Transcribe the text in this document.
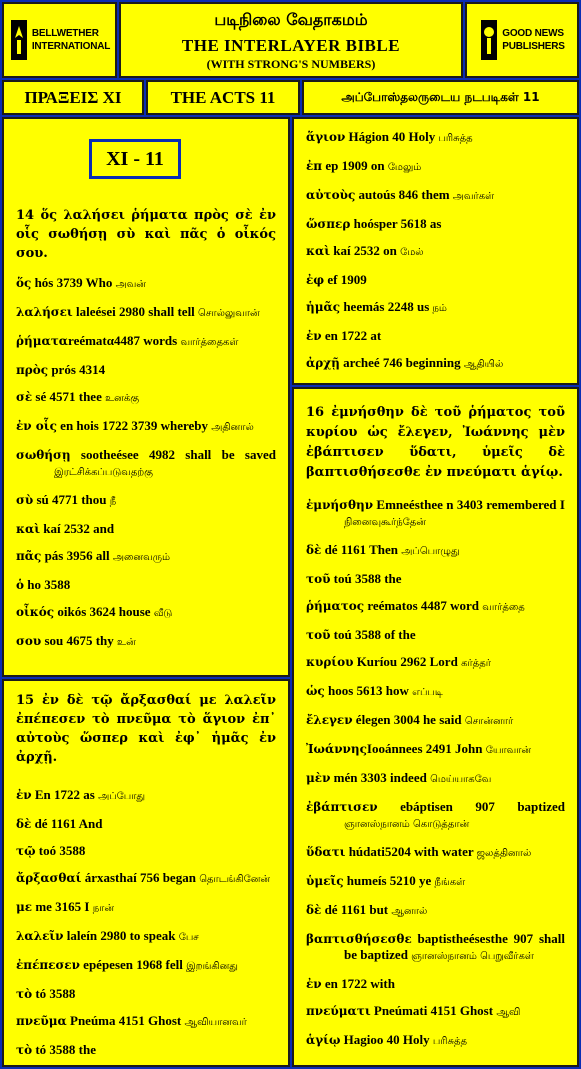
BELLWETHER
INTERNATIONAL
படிநிலை வேதாகமம்
THE INTERLAYER BIBLE
(WITH STRONG'S NUMBERS)
GOOD NEWS
PUBLISHERS
ΠΡΑΞΕΙΣ XI	THE ACTS 11	அப்போஸ்தலருடைய நடபடிகள் 11
XI - 11

14 ὅς λαλήσει ῥήματα πρὸς σὲ ἐν οἷς σωθήσῃ σὺ καὶ πᾶς ὁ οἶκός σου.

ὅς hós 3739 Who அவன்
λαλήσει laleései 2980 shall tell சொல்லுவான்
ῥήματαreématα4487 words வார்த்தைகள்
πρὸς prós 4314
σὲ sé 4571 thee உனக்கு
ἐν οἷς en hois 1722 3739 whereby அதினால்
σωθήσῃ sootheésee 4982 shall be saved இரட்சிக்கப்படுவதற்கு
σὺ sú 4771 thou நீ
καὶ kaí 2532 and
πᾶς pás 3956 all அனைவரும்
ὁ ho 3588
οἶκός oikós 3624 house வீடு
σου sou 4675 thy உன்

15 ἐν δὲ τῷ ἄρξασθαί με λαλεῖν ἐπέπεσεν τὸ πνεῦμα τὸ ἅγιον ἐπ᾽ αὐτοὺς ὥσπερ καὶ ἐφ᾽ ἡμᾶς ἐν ἀρχῇ.

ἐν En 1722 as அப்போது
δὲ dé 1161 And
τῷ toó 3588
ἄρξασθαί árxasthaí 756 began தொடங்கினேன்
με me 3165 I நான்
λαλεῖν laleín 2980 to speak பேச
ἐπέπεσεν epépesen 1968 fell இறங்கினது
τὸ tó 3588
πνεῦμα Pneúma 4151 Ghost ஆவியானவர்
τὸ tó 3588 the
ἅγιον Hágion 40 Holy பரிசுத்த
ἐπ ep 1909 on மேலும்
αὐτοὺς autoús 846 them அவர்கள்
ὥσπερ hoósper 5618 as
καὶ kaí 2532 on மேல்
ἐφ ef 1909
ἡμᾶς heemás 2248 us நம்
ἐν en 1722 at
ἀρχῇ archeé 746 beginning ஆதியில்

16 ἐμνήσθην δὲ τοῦ ῥήματος τοῦ κυρίου ὡς ἔλεγεν, Ἰωάννης μὲν ἐβάπτισεν ὕδατι, ὑμεῖς δὲ βαπτισθήσεσθε ἐν πνεύματι ἁγίῳ.

ἐμνήσθην Emneésthee n 3403 remembered I நினைவுகூர்ந்தேன்
δὲ dé 1161 Then அப்பொழுது
τοῦ toú 3588 the
ῥήματος reématos 4487 word வார்த்தை
τοῦ toú 3588 of the
κυρίου Kuríou 2962 Lord கர்த்தர்
ὡς hoos 5613 how எப்படி
ἔλεγεν élegen 3004 he said சொன்னார்
ἸωάννηςIooánnees 2491 John யோவான்
μὲν mén 3303 indeed மெய்யாகவே
ἐβάπτισεν ebáptisen 907 baptized ஞானஸ்நானம் கொடுத்தான்
ὕδατι húdati5204 with water ஜலத்தினால்
ὑμεῖς humeís 5210 ye நீங்கள்
δὲ dé 1161 but ஆனால்
βαπτισθήσεσθε baptistheésesthe 907 shall be baptized ஞானஸ்நானம் பெறுவீர்கள்
ἐν en 1722 with
πνεύματι Pneúmati 4151 Ghost ஆவி
ἁγίῳ Hagioo 40 Holy பரிசுத்த
